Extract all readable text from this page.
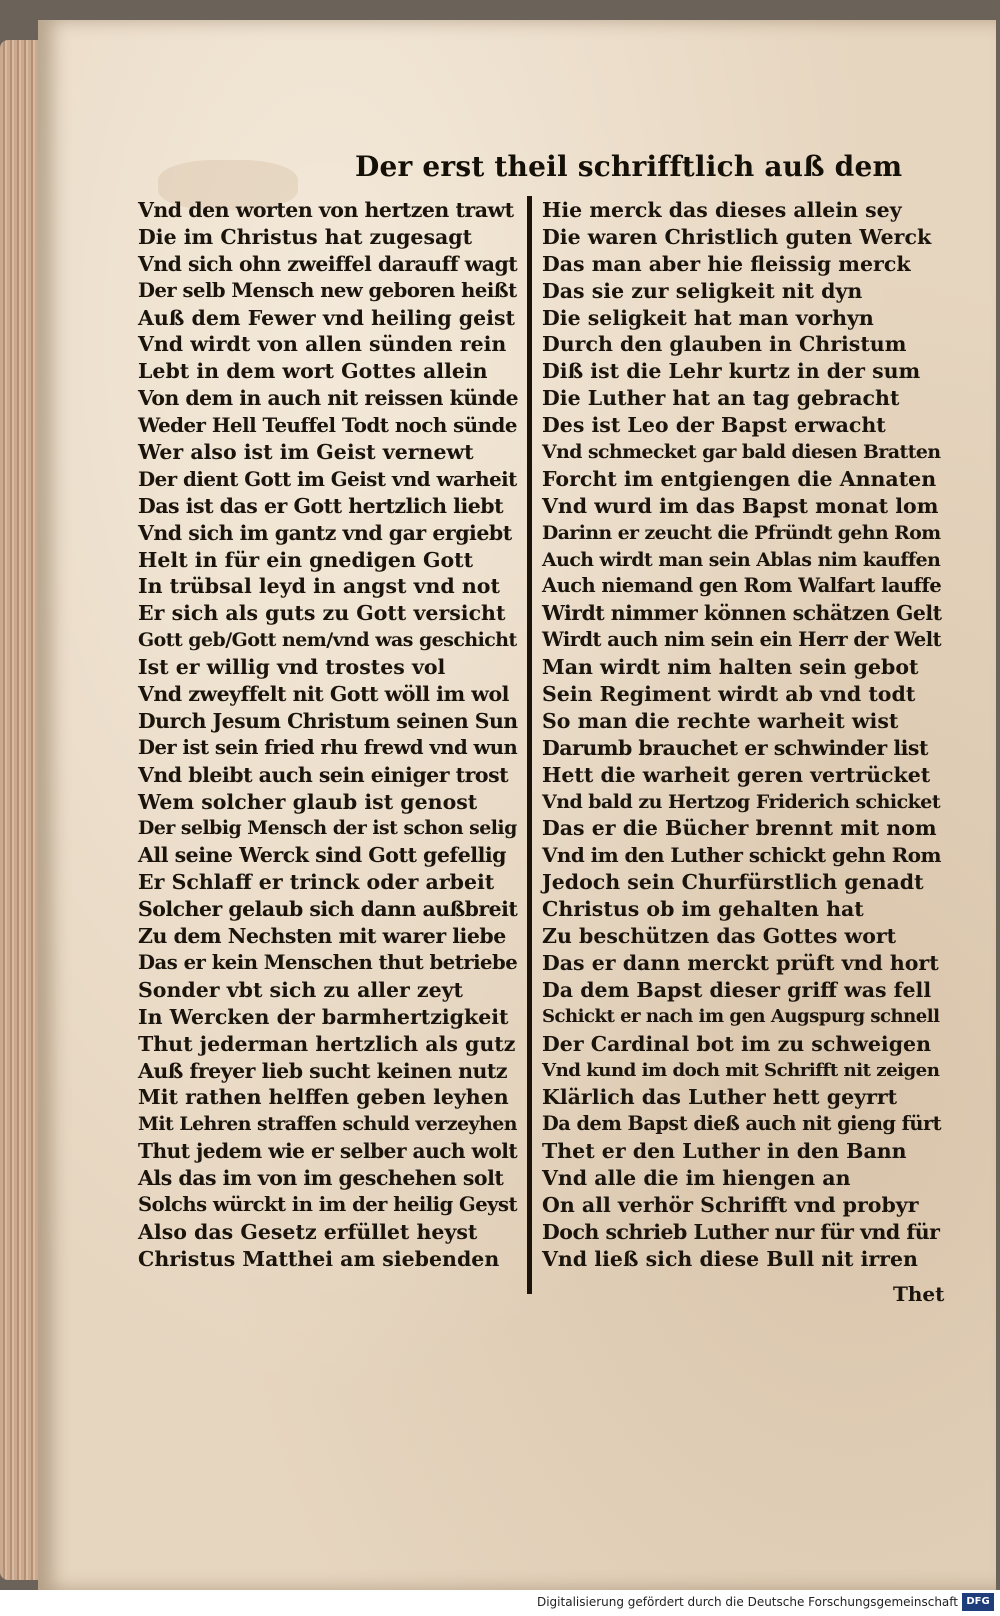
Der erst theil schrifftlich auß dem
Vnd den worten von hertzen trawt
Die im Christus hat zugesagt
Vnd sich ohn zweiffel darauff wagt
Der selb Mensch new geboren heißt
Auß dem Fewer vnd heiling geist
Vnd wirdt von allen sünden rein
Lebt in dem wort Gottes allein
Von dem in auch nit reissen künde
Weder Hell Teuffel Todt noch sünde
Wer also ist im Geist vernewt
Der dient Gott im Geist vnd warheit
Das ist das er Gott hertzlich liebt
Vnd sich im gantz vnd gar ergiebt
Helt in für ein gnedigen Gott
In trübsal leyd in angst vnd not
Er sich als guts zu Gott versicht
Gott geb/Gott nem/vnd was geschicht
Ist er willig vnd trostes vol
Vnd zweyffelt nit Gott wöll im wol
Durch Jesum Christum seinen Sun
Der ist sein fried rhu frewd vnd wun
Vnd bleibt auch sein einiger trost
Wem solcher glaub ist genost
Der selbig Mensch der ist schon selig
All seine Werck sind Gott gefellig
Er Schlaff er trinck oder arbeit
Solcher gelaub sich dann außbreit
Zu dem Nechsten mit warer liebe
Das er kein Menschen thut betriebe
Sonder vbt sich zu aller zeyt
In Wercken der barmhertzigkeit
Thut jederman hertzlich als gutz
Auß freyer lieb sucht keinen nutz
Mit rathen helffen geben leyhen
Mit Lehren straffen schuld verzeyhen
Thut jedem wie er selber auch wolt
Als das im von im geschehen solt
Solchs würckt in im der heilig Geyst
Also das Gesetz erfüllet heyst
Christus Matthei am siebenden
Hie merck das dieses allein sey
Die waren Christlich guten Werck
Das man aber hie fleissig merck
Das sie zur seligkeit nit dyn
Die seligkeit hat man vorhyn
Durch den glauben in Christum
Diß ist die Lehr kurtz in der sum
Die Luther hat an tag gebracht
Des ist Leo der Bapst erwacht
Vnd schmecket gar bald diesen Bratten
Forcht im entgiengen die Annaten
Vnd wurd im das Bapst monat lom
Darinn er zeucht die Pfründt gehn Rom
Auch wirdt man sein Ablas nim kauffen
Auch niemand gen Rom Walfart lauffe
Wirdt nimmer können schätzen Gelt
Wirdt auch nim sein ein Herr der Welt
Man wirdt nim halten sein gebot
Sein Regiment wirdt ab vnd todt
So man die rechte warheit wist
Darumb brauchet er schwinder list
Hett die warheit geren vertrücket
Vnd bald zu Hertzog Friderich schicket
Das er die Bücher brennt mit nom
Vnd im den Luther schickt gehn Rom
Jedoch sein Churfürstlich genadt
Christus ob im gehalten hat
Zu beschützen das Gottes wort
Das er dann merckt prüft vnd hort
Da dem Bapst dieser griff was fell
Schickt er nach im gen Augspurg schnell
Der Cardinal bot im zu schweigen
Vnd kund im doch mit Schrifft nit zeigen
Klärlich das Luther hett geyrrt
Da dem Bapst dieß auch nit gieng fürt
Thet er den Luther in den Bann
Vnd alle die im hiengen an
On all verhör Schrifft vnd probyr
Doch schrieb Luther nur für vnd für
Vnd ließ sich diese Bull nit irren
Thet
Digitalisierung gefördert durch die Deutsche Forschungsgemeinschaft DFG
